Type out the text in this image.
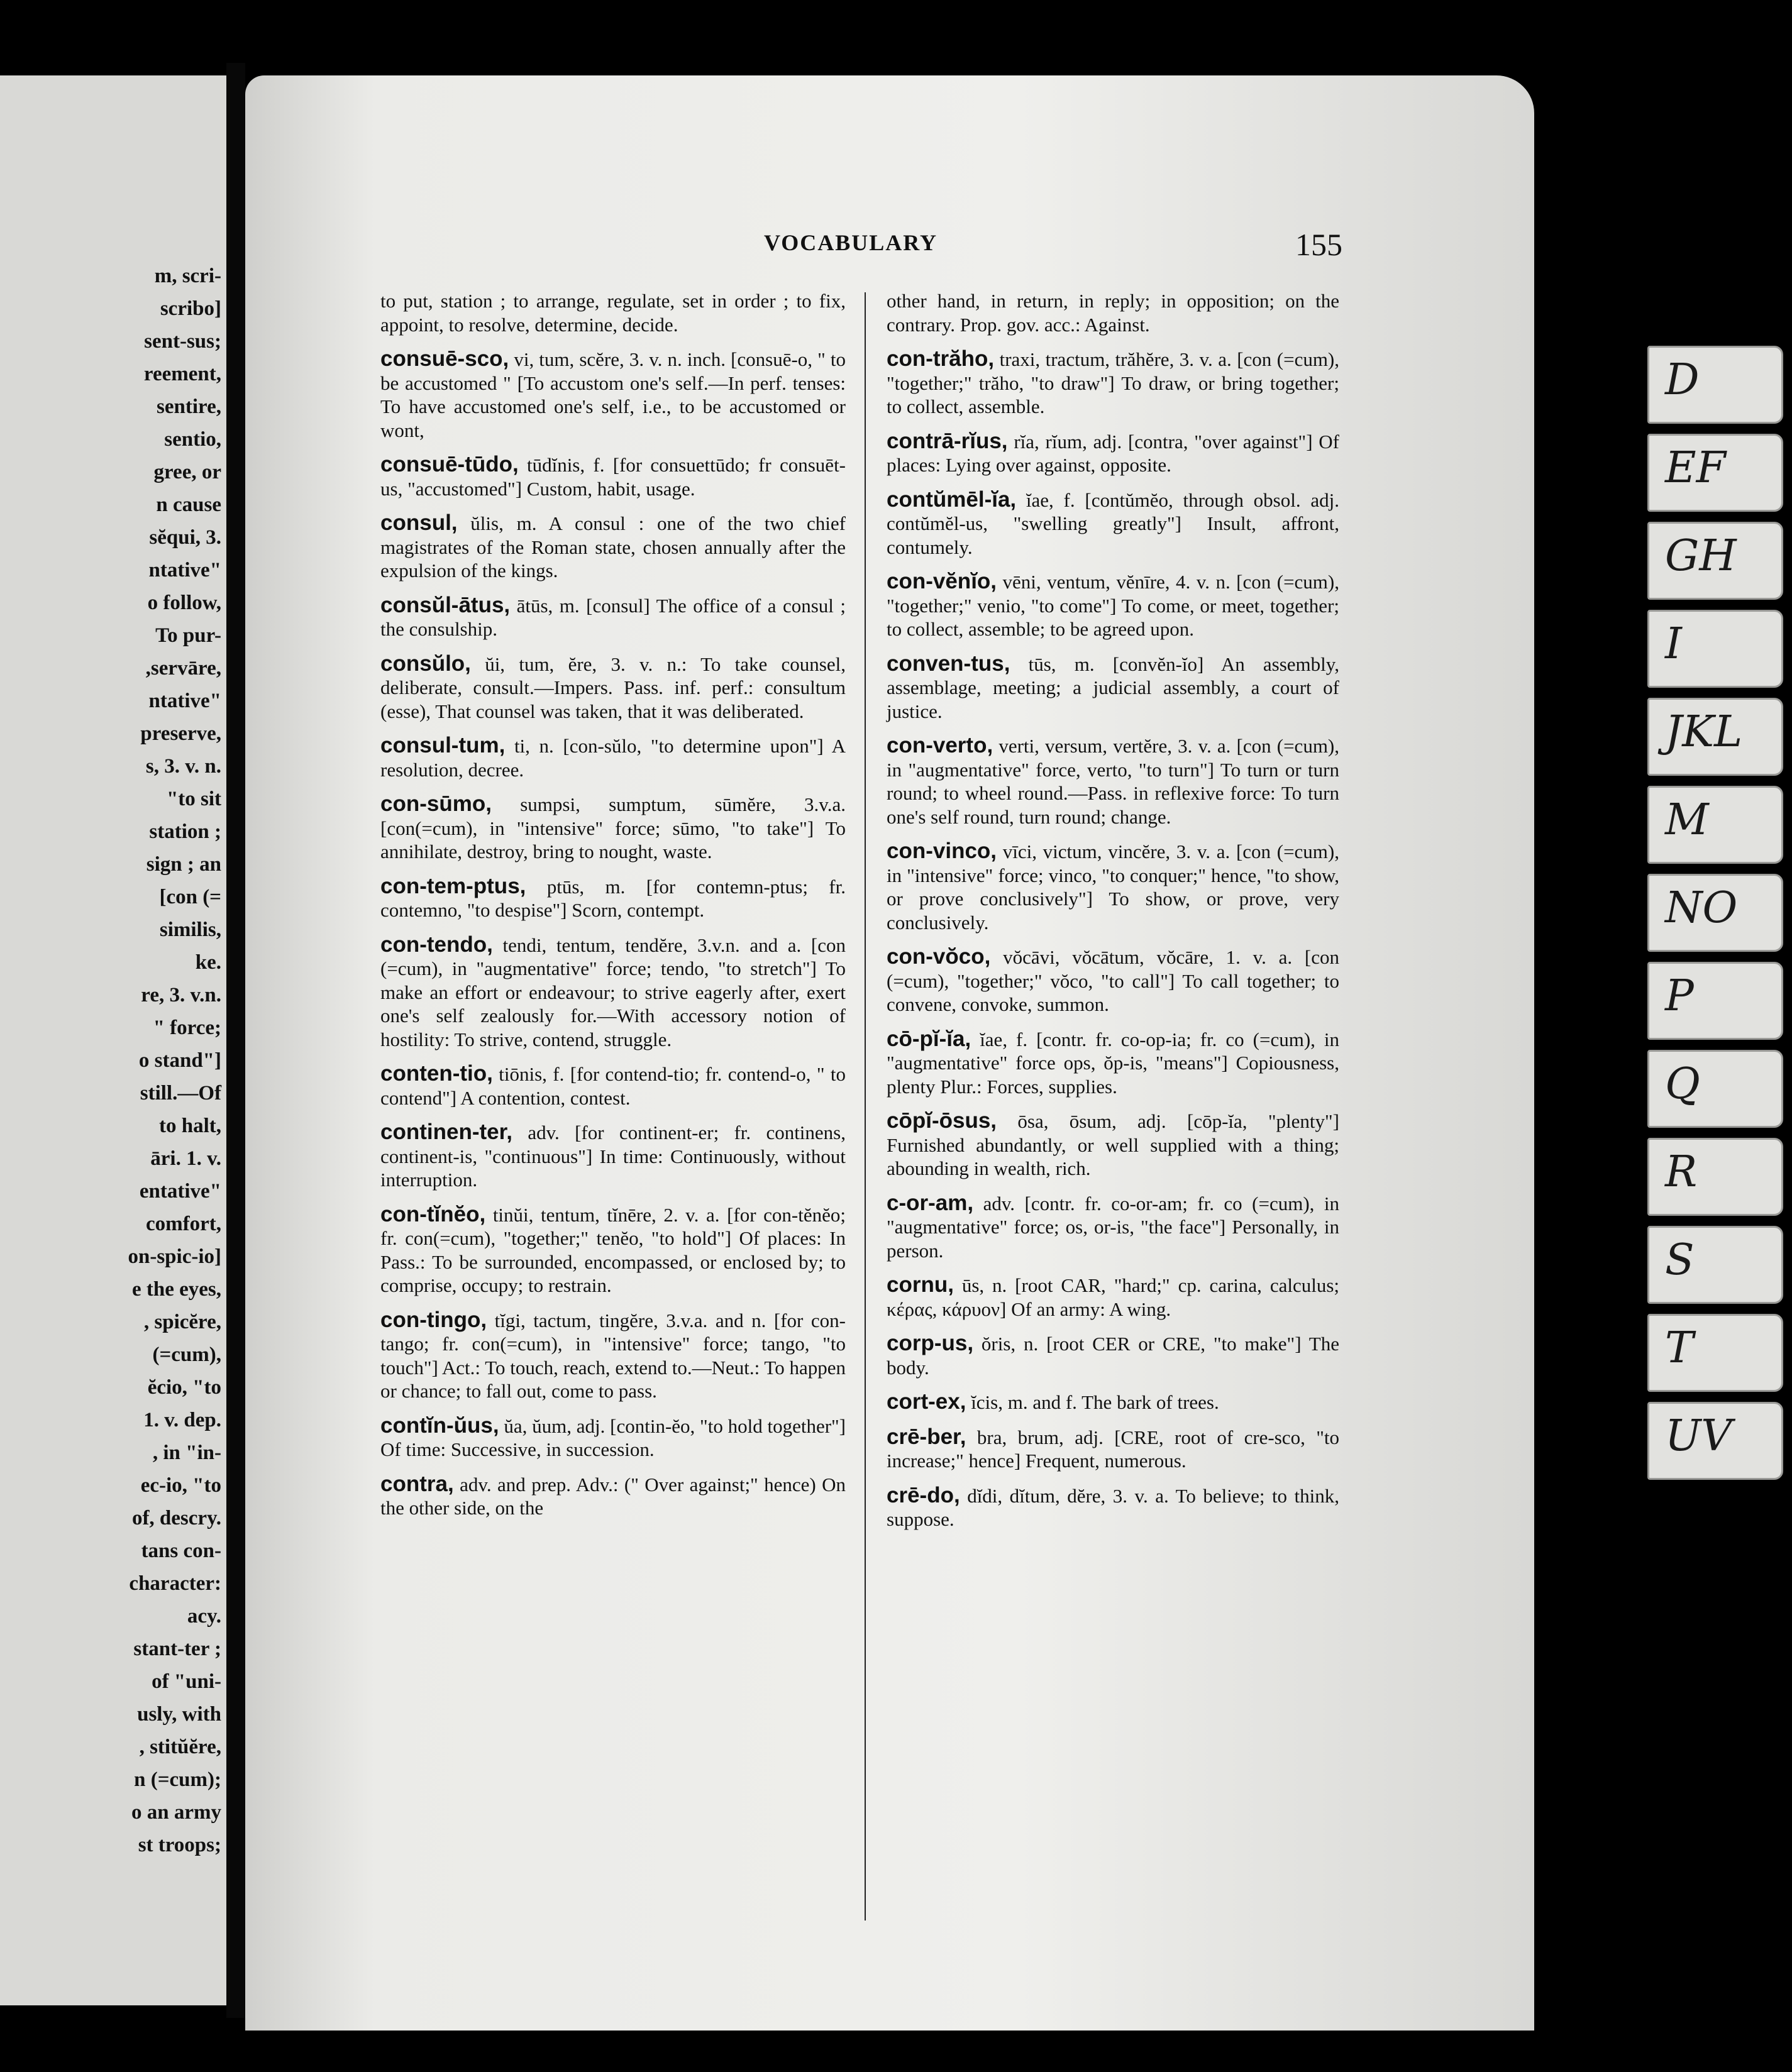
m, scri-
scribo]
sent-sus;
reement,
sentire,
sentio,
gree, or
n cause
sĕqui, 3.
ntative"
o follow,
To pur-
,servāre,
ntative"
preserve,
s, 3. v. n.
"to sit
station ;
sign ; an
[con (=
similis,
ke.
re, 3. v.n.
" force;
o stand"]
still.—Of
to halt,
āri. 1. v.
entative"
comfort,
on-spic-io]
e the eyes,
, spicĕre,
(=cum),
ĕcio, "to
1. v. dep.
, in "in-
ec-io, "to
of, descry.
tans con-
character:
acy.
stant-ter ;
of "uni-
usly, with
, stitŭĕre,
n (=cum);
o an army
st troops;
VOCABULARY	155
to put, station ; to arrange, regulate, set in order ; to fix, appoint, to resolve, determine, decide.
consuē-sco, vi, tum, scĕre, 3. v. n. inch. [consuē-o, " to be accustomed " [To accustom one's self.—In perf. tenses: To have accustomed one's self, i.e., to be accustomed or wont,
consuē-tūdo, tūdĭnis, f. [for consuettūdo; fr consuēt-us, "accustomed"] Custom, habit, usage.
consul, ŭlis, m. A consul : one of the two chief magistrates of the Roman state, chosen annually after the expulsion of the kings.
consŭl-ātus, ātūs, m. [consul] The office of a consul ; the consulship.
consŭlo, ŭi, tum, ĕre, 3. v. n.: To take counsel, deliberate, consult.—Impers. Pass. inf. perf.: consultum (esse), That counsel was taken, that it was deliberated.
consul-tum, ti, n. [con-sŭlo, "to determine upon"] A resolution, decree.
con-sūmo, sumpsi, sumptum, sūmĕre, 3.v.a. [con(=cum), in "intensive" force; sūmo, "to take"] To annihilate, destroy, bring to nought, waste.
con-tem-ptus, ptūs, m. [for contemn-ptus; fr. contemno, "to despise"] Scorn, contempt.
con-tendo, tendi, tentum, tendĕre, 3.v.n. and a. [con (=cum), in "augmentative" force; tendo, "to stretch"] To make an effort or endeavour; to strive eagerly after, exert one's self zealously for.—With accessory notion of hostility: To strive, contend, struggle.
conten-tio, tiōnis, f. [for contend-tio; fr. contend-o, " to contend"] A contention, contest.
continen-ter, adv. [for continent-er; fr. continens, continent-is, "continuous"] In time: Continuously, without interruption.
con-tĭnĕo, tinŭi, tentum, tĭnēre, 2. v. a. [for con-tĕnĕo; fr. con(=cum), "together;" tenĕo, "to hold"] Of places: In Pass.: To be surrounded, encompassed, or enclosed by; to comprise, occupy; to restrain.
con-tingo, tĭgi, tactum, tingĕre, 3.v.a. and n. [for con-tango; fr. con(=cum), in "intensive" force; tango, "to touch"] Act.: To touch, reach, extend to.—Neut.: To happen or chance; to fall out, come to pass.
contĭn-ŭus, ŭa, ŭum, adj. [contin-ĕo, "to hold together"] Of time: Successive, in succession.
contra, adv. and prep. Adv.: (" Over against;" hence) On the other side, on the
other hand, in return, in reply; in opposition; on the contrary. Prop. gov. acc.: Against.
con-trăho, traxi, tractum, trăhĕre, 3. v. a. [con (=cum), "together;" trăho, "to draw"] To draw, or bring together; to collect, assemble.
contrā-rĭus, rĭa, rĭum, adj. [contra, "over against"] Of places: Lying over against, opposite.
contŭmēl-ĭa, ĭae, f. [contŭmĕo, through obsol. adj. contŭmĕl-us, "swelling greatly"] Insult, affront, contumely.
con-vĕnĭo, vēni, ventum, vĕnīre, 4. v. n. [con (=cum), "together;" venio, "to come"] To come, or meet, together; to collect, assemble; to be agreed upon.
conven-tus, tūs, m. [convĕn-ĭo] An assembly, assemblage, meeting; a judicial assembly, a court of justice.
con-verto, verti, versum, vertĕre, 3. v. a. [con (=cum), in "augmentative" force, verto, "to turn"] To turn or turn round; to wheel round.—Pass. in reflexive force: To turn one's self round, turn round; change.
con-vinco, vīci, victum, vincĕre, 3. v. a. [con (=cum), in "intensive" force; vinco, "to conquer;" hence, "to show, or prove conclusively"] To show, or prove, very conclusively.
con-vŏco, vŏcāvi, vŏcātum, vŏcāre, 1. v. a. [con (=cum), "together;" vŏco, "to call"] To call together; to convene, convoke, summon.
cō-pĭ-ĭa, ĭae, f. [contr. fr. co-op-ia; fr. co (=cum), in "augmentative" force ops, ŏp-is, "means"] Copiousness, plenty Plur.: Forces, supplies.
cōpĭ-ōsus, ōsa, ōsum, adj. [cōp-ĭa, "plenty"] Furnished abundantly, or well supplied with a thing; abounding in wealth, rich.
c-or-am, adv. [contr. fr. co-or-am; fr. co (=cum), in "augmentative" force; os, or-is, "the face"] Personally, in person.
cornu, ūs, n. [root CAR, "hard;" cp. carina, calculus; κέρας, κάρυον] Of an army: A wing.
corp-us, ŏris, n. [root CER or CRE, "to make"] The body.
cort-ex, ĭcis, m. and f. The bark of trees.
crē-ber, bra, brum, adj. [CRE, root of cre-sco, "to increase;" hence] Frequent, numerous.
crē-do, dĭdi, dĭtum, dĕre, 3. v. a. To believe; to think, suppose.
D
EF
GH
I
JKL
M
NO
P
Q
R
S
T
UV
